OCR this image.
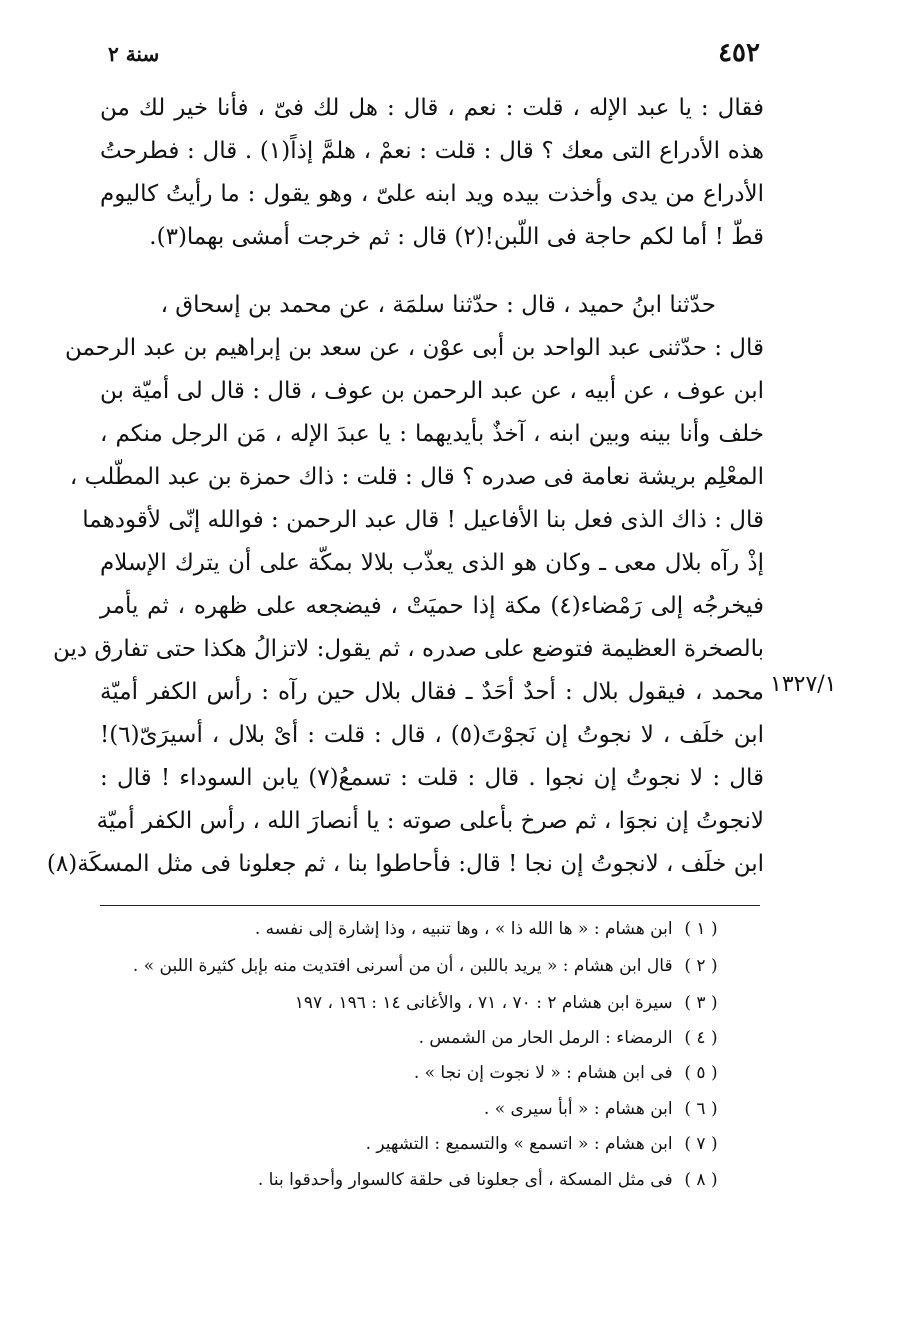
٤٥٢
سنة ٢
فقال : يا عبد الإله ، قلت : نعم ، قال : هل لك فىّ ، فأنا خير لك من
هذه الأدراع التى معك ؟ قال : قلت : نعمْ ، هلمَّ إذاً(١) . قال : فطرحتُ
الأدراع من يدى وأخذت بيده ويد ابنه علىّ ، وهو يقول : ما رأيتُ كاليوم
قطّ ! أما لكم حاجة فى اللّبن!(٢) قال : ثم خرجت أمشى بهما(٣).
حدّثنا ابنُ حميد ، قال : حدّثنا سلمَة ، عن محمد بن إسحاق ،
قال : حدّثنى عبد الواحد بن أبى عوْن ، عن سعد بن إبراهيم بن عبد الرحمن
ابن عوف ، عن أبيه ، عن عبد الرحمن بن عوف ، قال : قال لى أميّة بن
خلف وأنا بينه وبين ابنه ، آخذٌ بأيديهما : يا عبدَ الإله ، مَن الرجل منكم ،
المعْلِم بريشة نعامة فى صدره ؟ قال : قلت : ذاك حمزة بن عبد المطّلب ،
قال : ذاك الذى فعل بنا الأفاعيل ! قال عبد الرحمن : فوالله إنّى لأقودهما
إذْ رآه بلال معى ـ وكان هو الذى يعذّب بلالا بمكّة على أن يترك الإسلام
فيخرجُه إلى رَمْضاء(٤) مكة إذا حميَتْ ، فيضجعه على ظهره ، ثم يأمر
بالصخرة العظيمة فتوضع على صدره ، ثم يقول: لاتزالُ هكذا حتى تفارق دين
محمد ، فيقول بلال : أحدٌ أحَدٌ ـ فقال بلال حين رآه : رأس الكفر أميّة
ابن خلَف ، لا نجوتُ إن نَجوْتَ(٥) ، قال : قلت : أىْ بلال ، أسيرَىّ(٦)!
قال : لا نجوتُ إن نجوا . قال : قلت : تسمعُ(٧) يابن السوداء ! قال :
لانجوتُ إن نجوَا ، ثم صرخ بأعلى صوته : يا أنصارَ الله ، رأس الكفر أميّة
ابن خلَف ، لانجوتُ إن نجا ! قال: فأحاطوا بنا ، ثم جعلونا فى مثل المسكَة(٨)
١٣٢٧/١
( ١ ) ابن هشام : « ها الله ذا » ، وها تنبيه ، وذا إشارة إلى نفسه .
( ٢ ) قال ابن هشام : « يريد باللبن ، أن من أسرنى افتديت منه بإبل كثيرة اللبن » .
( ٣ ) سيرة ابن هشام ٢ : ٧٠ ، ٧١ ، والأغانى ١٤ : ١٩٦ ، ١٩٧
( ٤ ) الرمضاء : الرمل الحار من الشمس .
( ٥ ) فى ابن هشام : « لا نجوت إن نجا » .
( ٦ ) ابن هشام : « أبأ سيرى » .
( ٧ ) ابن هشام : « اتسمع » والتسميع : التشهير .
( ٨ ) فى مثل المسكة ، أى جعلونا فى حلقة كالسوار وأحدقوا بنا .
